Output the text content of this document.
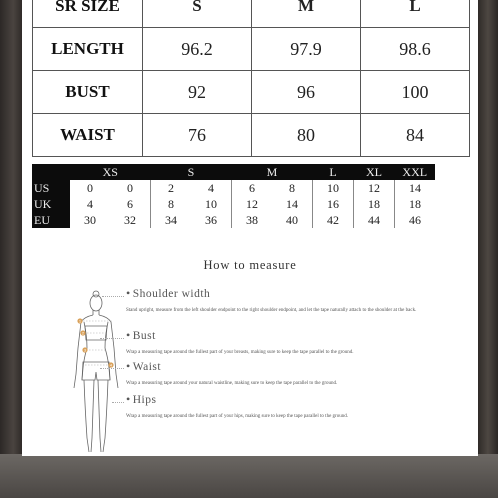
SR SIZE	S	M	L
LENGTH	96.2	97.9	98.6
BUST	92	96	100
WAIST	76	80	84
	XS		S		M		L	XL	XXL
US	0	0	2	4	6	8	10	12	14
UK	4	6	8	10	12	14	16	18	18
EU	30	32	34	36	38	40	42	44	46
How to measure
1
2
3
4
• Shoulder width
Stand upright, measure from the left shoulder endpoint to the right shoulder endpoint, and let the tape naturally attach to the shoulder at the back.
• Bust
Wrap a measuring tape around the fullest part of your breasts, making sure to keep the tape parallel to the ground.
• Waist
Wrap a measuring tape around your natural waistline, making sure to keep the tape parallel to the ground.
• Hips
Wrap a measuring tape around the fullest part of your hips, making sure to keep the tape parallel to the ground.
